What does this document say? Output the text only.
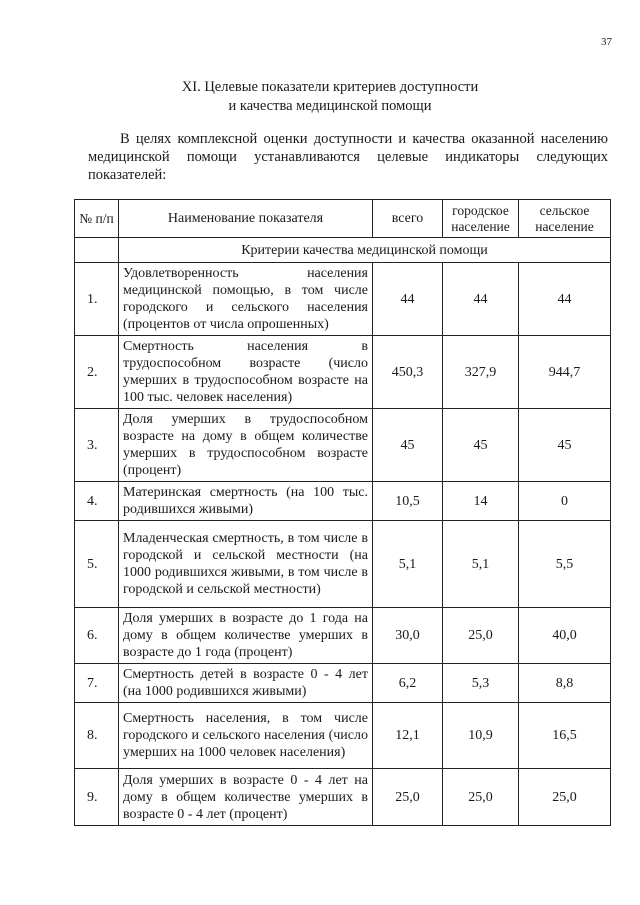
37
XI. Целевые показатели критериев доступности
и качества медицинской помощи
В целях комплексной оценки доступности и качества оказанной населению медицинской помощи устанавливаются целевые индикаторы следующих показателей:
№ п/п	Наименование показателя	всего	городское население	сельское население
	Критерии качества медицинской помощи			
1.	Удовлетворенность населения медицинской помощью, в том числе городского и сельского населения (процентов от числа опрошенных)	44	44	44
2.	Смертность населения в трудоспособном возрасте (число умерших в трудоспособном возрасте на 100 тыс. человек населения)	450,3	327,9	944,7
3.	Доля умерших в трудоспособном возрасте на дому в общем количестве умерших в трудоспособном возрасте (процент)	45	45	45
4.	Материнская смертность (на 100 тыс. родившихся живыми)	10,5	14	0
5.	Младенческая смертность, в том числе в городской и сельской местности (на 1000 родившихся живыми, в том числе в городской и сельской местности)	5,1	5,1	5,5
6.	Доля умерших в возрасте до 1 года на дому в общем количестве умерших в возрасте до 1 года (процент)	30,0	25,0	40,0
7.	Смертность детей в возрасте 0 - 4 лет (на 1000 родившихся живыми)	6,2	5,3	8,8
8.	Смертность населения, в том числе городского и сельского населения (число умерших на 1000 человек населения)	12,1	10,9	16,5
9.	Доля умерших в возрасте 0 - 4 лет на дому в общем количестве умерших в возрасте 0 - 4 лет (процент)	25,0	25,0	25,0
